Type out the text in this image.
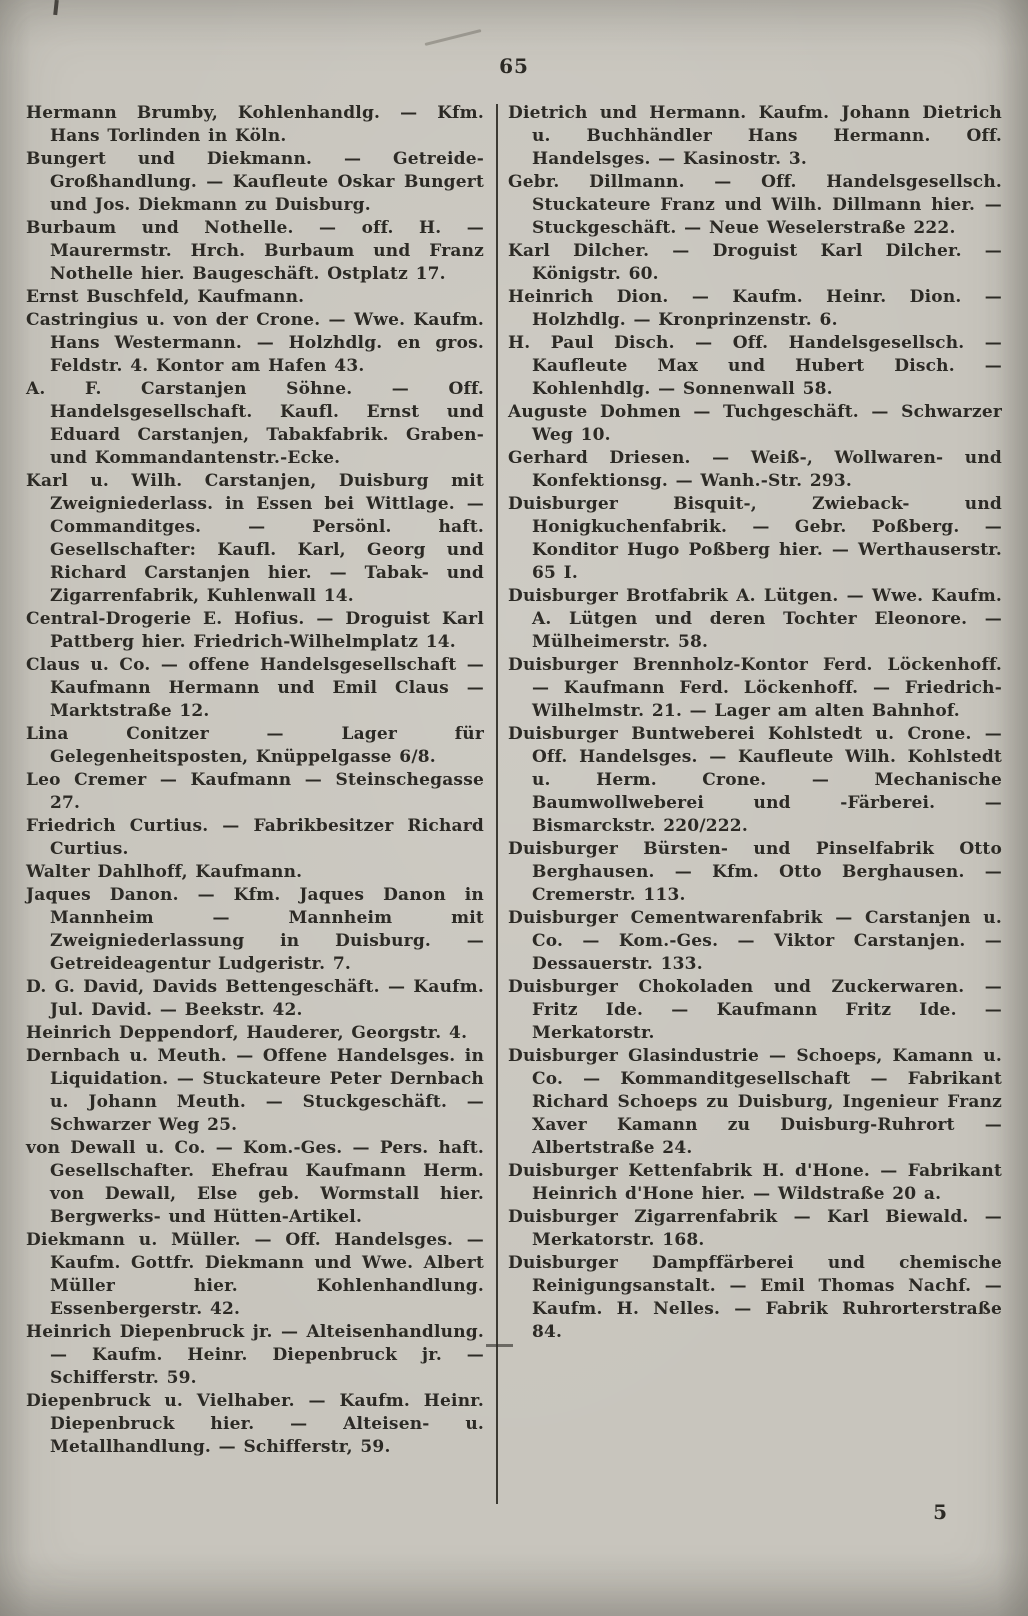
65

Hermann Brumby, Kohlenhandlg. — Kfm. Hans Torlinden in Köln.

Bungert und Diekmann. — Getreide-Großhandlung. — Kaufleute Oskar Bungert und Jos. Diekmann zu Duisburg.

Burbaum und Nothelle. — off. H. — Maurermstr. Hrch. Burbaum und Franz Nothelle hier. Baugeschäft. Ostplatz 17.

Ernst Buschfeld, Kaufmann.

Castringius u. von der Crone. — Wwe. Kaufm. Hans Westermann. — Holzhdlg. en gros. Feldstr. 4. Kontor am Hafen 43.

A. F. Carstanjen Söhne. — Off. Handelsgesellschaft. Kaufl. Ernst und Eduard Carstanjen, Tabakfabrik. Graben- und Kommandantenstr.-Ecke.

Karl u. Wilh. Carstanjen, Duisburg mit Zweigniederlass. in Essen bei Wittlage. — Commanditges. — Persönl. haft. Gesellschafter: Kaufl. Karl, Georg und Richard Carstanjen hier. — Tabak- und Zigarrenfabrik, Kuhlenwall 14.

Central-Drogerie E. Hofius. — Droguist Karl Pattberg hier. Friedrich-Wilhelmplatz 14.

Claus u. Co. — offene Handelsgesellschaft — Kaufmann Hermann und Emil Claus — Marktstraße 12.

Lina Conitzer — Lager für Gelegenheitsposten, Knüppelgasse 6/8.

Leo Cremer — Kaufmann — Steinschegasse 27.

Friedrich Curtius. — Fabrikbesitzer Richard Curtius.

Walter Dahlhoff, Kaufmann.

Jaques Danon. — Kfm. Jaques Danon in Mannheim — Mannheim mit Zweigniederlassung in Duisburg. — Getreideagentur Ludgeristr. 7.

D. G. David, Davids Bettengeschäft. — Kaufm. Jul. David. — Beekstr. 42.

Heinrich Deppendorf, Hauderer, Georgstr. 4.

Dernbach u. Meuth. — Offene Handelsges. in Liquidation. — Stuckateure Peter Dernbach u. Johann Meuth. — Stuckgeschäft. — Schwarzer Weg 25.

von Dewall u. Co. — Kom.-Ges. — Pers. haft. Gesellschafter. Ehefrau Kaufmann Herm. von Dewall, Else geb. Wormstall hier. Bergwerks- und Hütten-Artikel.

Diekmann u. Müller. — Off. Handelsges. — Kaufm. Gottfr. Diekmann und Wwe. Albert Müller hier. Kohlenhandlung. Essenbergerstr. 42.

Heinrich Diepenbruck jr. — Alteisenhandlung. — Kaufm. Heinr. Diepenbruck jr. — Schifferstr. 59.

Diepenbruck u. Vielhaber. — Kaufm. Heinr. Diepenbruck hier. — Alteisen- u. Metallhandlung. — Schifferstr, 59.

Dietrich und Hermann. Kaufm. Johann Dietrich u. Buchhändler Hans Hermann. Off. Handelsges. — Kasinostr. 3.

Gebr. Dillmann. — Off. Handelsgesellsch. Stuckateure Franz und Wilh. Dillmann hier. — Stuckgeschäft. — Neue Weselerstraße 222.

Karl Dilcher. — Droguist Karl Dilcher. — Königstr. 60.

Heinrich Dion. — Kaufm. Heinr. Dion. — Holzhdlg. — Kronprinzenstr. 6.

H. Paul Disch. — Off. Handelsgesellsch. — Kaufleute Max und Hubert Disch. — Kohlenhdlg. — Sonnenwall 58.

Auguste Dohmen — Tuchgeschäft. — Schwarzer Weg 10.

Gerhard Driesen. — Weiß-, Wollwaren- und Konfektionsg. — Wanh.-Str. 293.

Duisburger Bisquit-, Zwieback- und Honigkuchenfabrik. — Gebr. Poßberg. — Konditor Hugo Poßberg hier. — Werthauserstr. 65 I.

Duisburger Brotfabrik A. Lütgen. — Wwe. Kaufm. A. Lütgen und deren Tochter Eleonore. — Mülheimerstr. 58.

Duisburger Brennholz-Kontor Ferd. Löckenhoff. — Kaufmann Ferd. Löckenhoff. — Friedrich-Wilhelmstr. 21. — Lager am alten Bahnhof.

Duisburger Buntweberei Kohlstedt u. Crone. — Off. Handelsges. — Kaufleute Wilh. Kohlstedt u. Herm. Crone. — Mechanische Baumwollweberei und -Färberei. — Bismarckstr. 220/222.

Duisburger Bürsten- und Pinselfabrik Otto Berghausen. — Kfm. Otto Berghausen. — Cremerstr. 113.

Duisburger Cementwarenfabrik — Carstanjen u. Co. — Kom.-Ges. — Viktor Carstanjen. — Dessauerstr. 133.

Duisburger Chokoladen und Zuckerwaren. — Fritz Ide. — Kaufmann Fritz Ide. — Merkatorstr.

Duisburger Glasindustrie — Schoeps, Kamann u. Co. — Kommanditgesellschaft — Fabrikant Richard Schoeps zu Duisburg, Ingenieur Franz Xaver Kamann zu Duisburg-Ruhrort — Albertstraße 24.

Duisburger Kettenfabrik H. d'Hone. — Fabrikant Heinrich d'Hone hier. — Wildstraße 20 a.

Duisburger Zigarrenfabrik — Karl Biewald. — Merkatorstr. 168.

Duisburger Dampffärberei und chemische Reinigungsanstalt. — Emil Thomas Nachf. — Kaufm. H. Nelles. — Fabrik Ruhrorterstraße 84.

5
